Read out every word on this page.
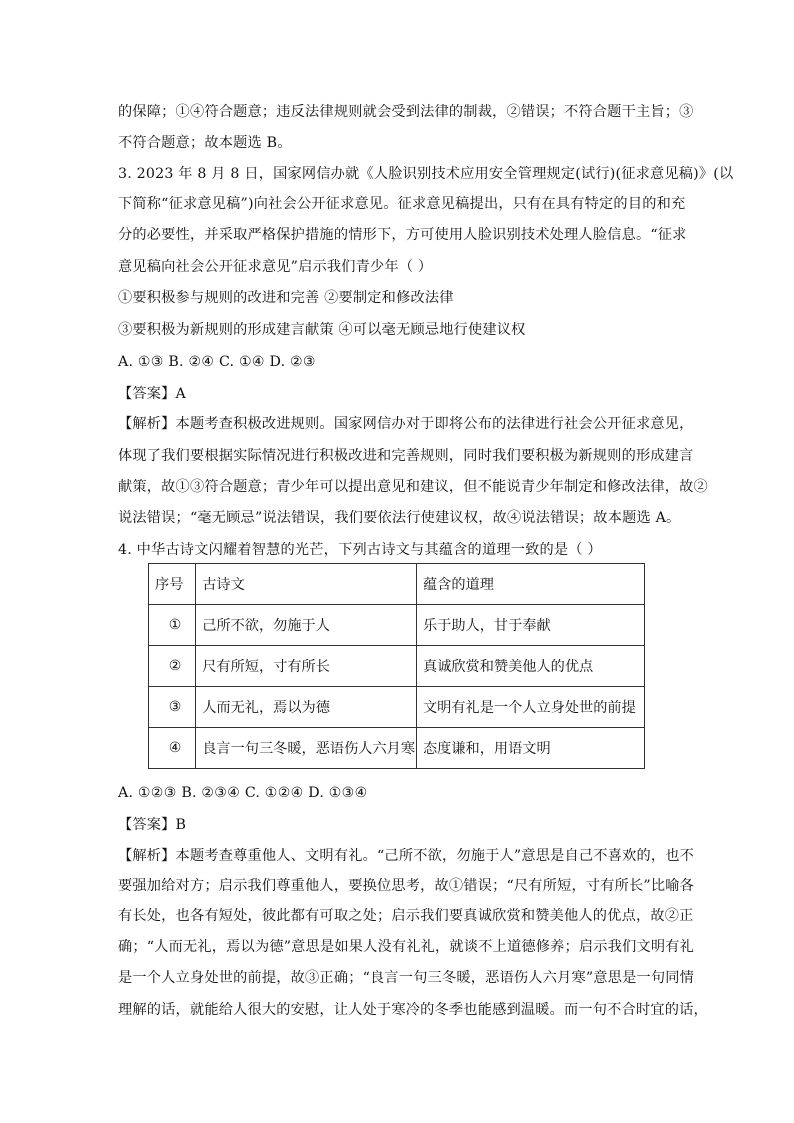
的保障；①④符合题意；违反法律规则就会受到法律的制裁，②错误；不符合题干主旨；③
不符合题意；故本题选 B。
3. 2023 年 8 月 8 日，国家网信办就《人脸识别技术应用安全管理规定(试行)(征求意见稿)》(以
下简称“征求意见稿”)向社会公开征求意见。征求意见稿提出，只有在具有特定的目的和充
分的必要性，并采取严格保护措施的情形下，方可使用人脸识别技术处理人脸信息。“征求
意见稿向社会公开征求意见”启示我们青少年（ ）
①要积极参与规则的改进和完善 ②要制定和修改法律
③要积极为新规则的形成建言献策 ④可以毫无顾忌地行使建议权
A. ①③ B. ②④ C. ①④ D. ②③
【答案】A
【解析】本题考查积极改进规则。国家网信办对于即将公布的法律进行社会公开征求意见，
体现了我们要根据实际情况进行积极改进和完善规则，同时我们要积极为新规则的形成建言
献策，故①③符合题意；青少年可以提出意见和建议，但不能说青少年制定和修改法律，故②
说法错误；“毫无顾忌”说法错误，我们要依法行使建议权，故④说法错误；故本题选 A。
4. 中华古诗文闪耀着智慧的光芒，下列古诗文与其蕴含的道理一致的是（ ）
序号	古诗文	蕴含的道理
①	己所不欲，勿施于人	乐于助人，甘于奉献
②	尺有所短，寸有所长	真诚欣赏和赞美他人的优点
③	人而无礼，焉以为德	文明有礼是一个人立身处世的前提
④	良言一句三冬暖，恶语伤人六月寒	态度谦和，用语文明
A. ①②③ B. ②③④ C. ①②④ D. ①③④
【答案】B
【解析】本题考查尊重他人、文明有礼。“己所不欲，勿施于人”意思是自己不喜欢的，也不
要强加给对方；启示我们尊重他人，要换位思考，故①错误；“尺有所短，寸有所长”比喻各
有长处，也各有短处，彼此都有可取之处；启示我们要真诚欣赏和赞美他人的优点，故②正
确；“人而无礼，焉以为德”意思是如果人没有礼礼，就谈不上道德修养；启示我们文明有礼
是一个人立身处世的前提，故③正确；“良言一句三冬暖，恶语伤人六月寒”意思是一句同情
理解的话，就能给人很大的安慰，让人处于寒冷的冬季也能感到温暖。而一句不合时宜的话，
